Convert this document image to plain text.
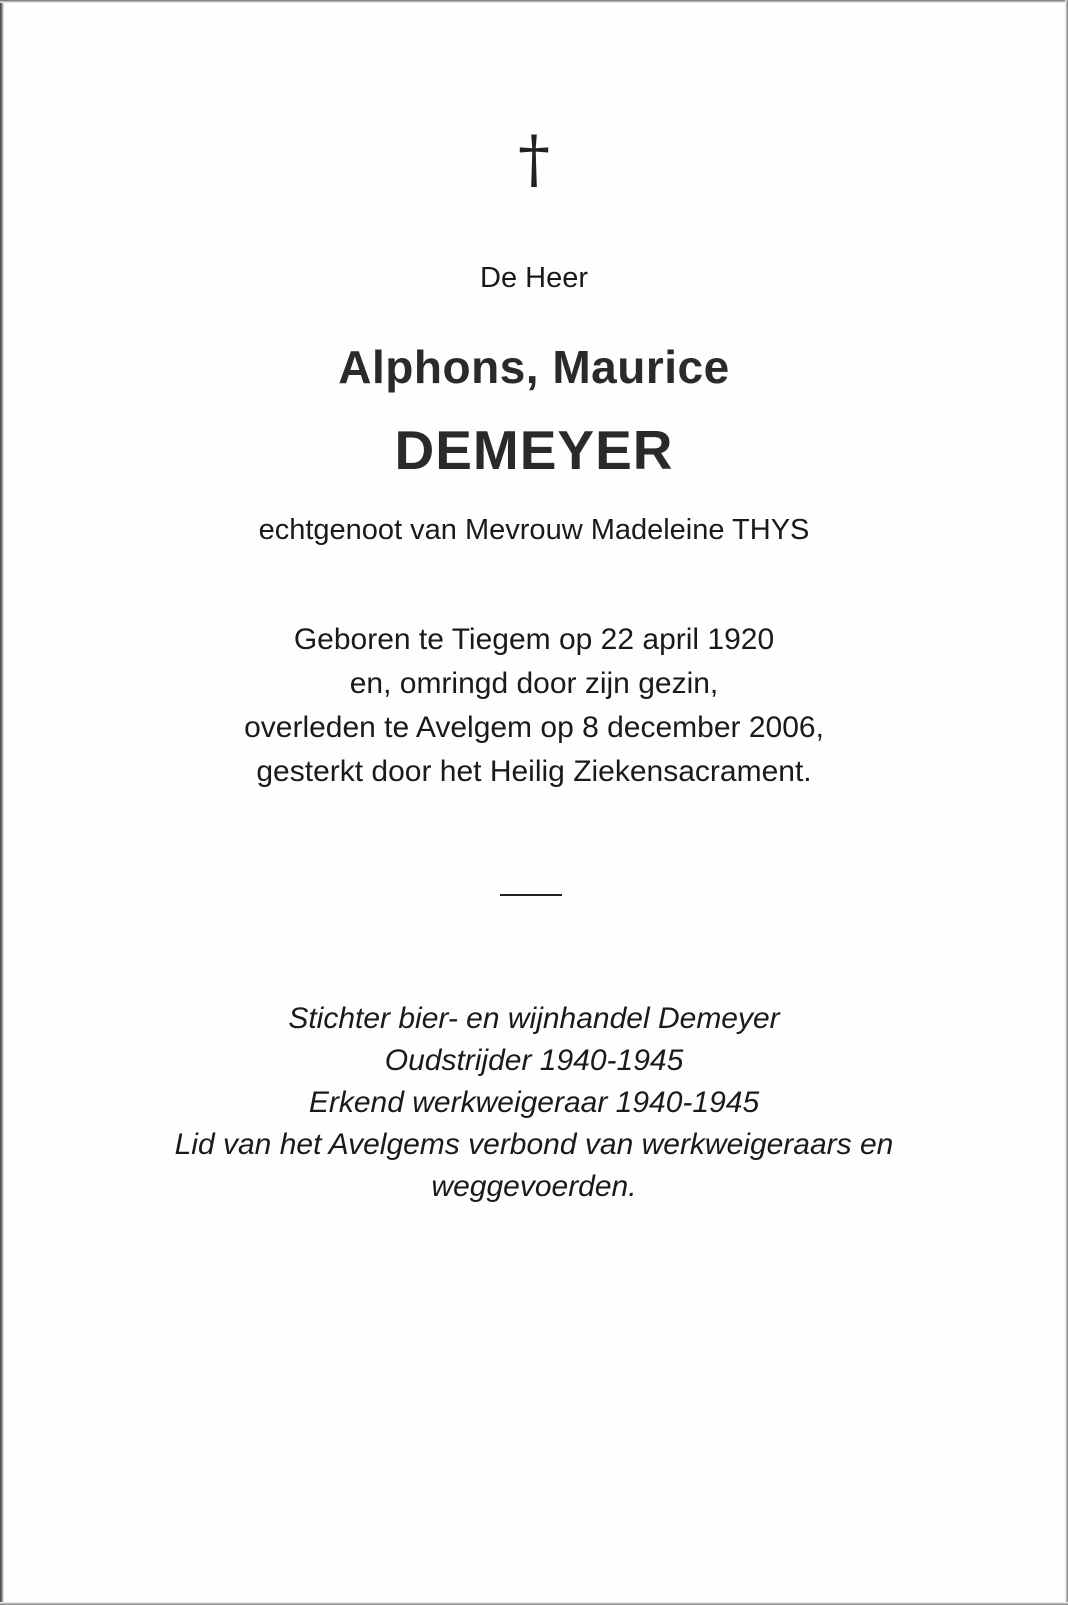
†
De Heer
Alphons, Maurice
DEMEYER
echtgenoot van Mevrouw Madeleine THYS
Geboren te Tiegem op 22 april 1920
en, omringd door zijn gezin,
overleden te Avelgem op 8 december 2006,
gesterkt door het Heilig Ziekensacrament.
Stichter bier- en wijnhandel Demeyer
Oudstrijder 1940-1945
Erkend werkweigeraar 1940-1945
Lid van het Avelgems verbond van werkweigeraars en
weggevoerden.
